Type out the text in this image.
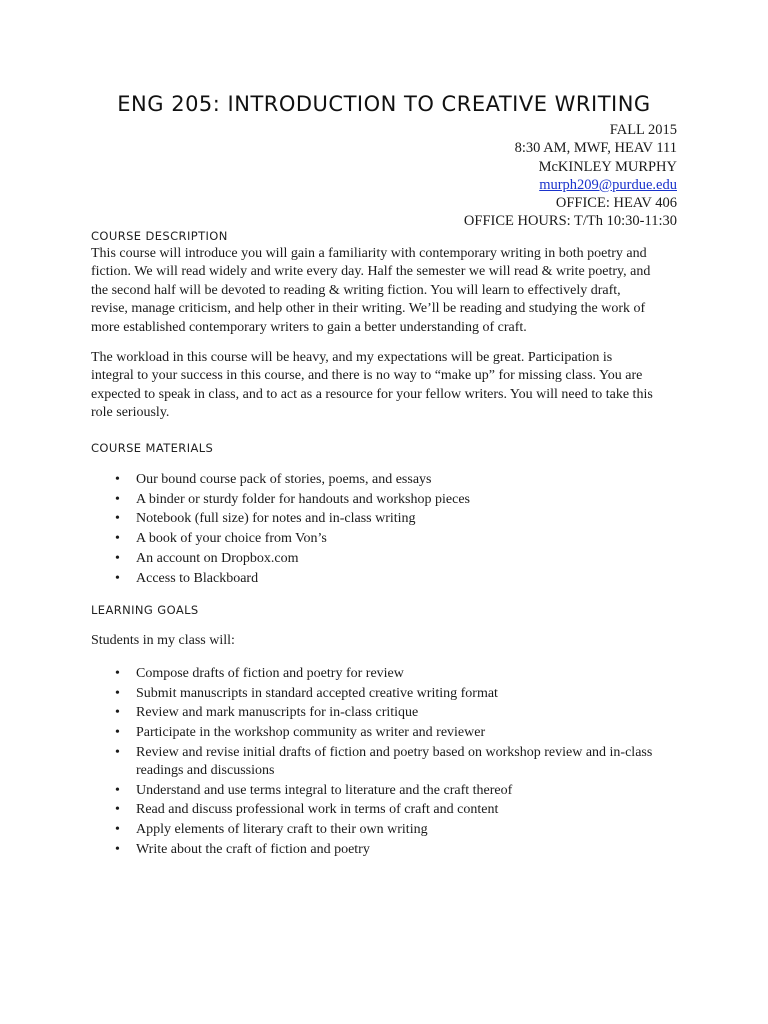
ENG 205: INTRODUCTION TO CREATIVE WRITING
FALL 2015
8:30 AM, MWF, HEAV 111
McKINLEY MURPHY
murph209@purdue.edu
OFFICE: HEAV 406
OFFICE HOURS: T/Th 10:30-11:30
COURSE DESCRIPTION
This course will introduce you will gain a familiarity with contemporary writing in both poetry and
fiction. We will read widely and write every day. Half the semester we will read & write poetry, and
the second half will be devoted to reading & writing fiction. You will learn to effectively draft,
revise, manage criticism, and help other in their writing. We’ll be reading and studying the work of
more established contemporary writers to gain a better understanding of craft.
The workload in this course will be heavy, and my expectations will be great. Participation is
integral to your success in this course, and there is no way to “make up” for missing class. You are
expected to speak in class, and to act as a resource for your fellow writers. You will need to take this
role seriously.
COURSE MATERIALS
• Our bound course pack of stories, poems, and essays
• A binder or sturdy folder for handouts and workshop pieces
• Notebook (full size) for notes and in-class writing
• A book of your choice from Von’s
• An account on Dropbox.com
• Access to Blackboard
LEARNING GOALS
Students in my class will:
• Compose drafts of fiction and poetry for review
• Submit manuscripts in standard accepted creative writing format
• Review and mark manuscripts for in-class critique
• Participate in the workshop community as writer and reviewer
• Review and revise initial drafts of fiction and poetry based on workshop review and in-class readings and discussions
• Understand and use terms integral to literature and the craft thereof
• Read and discuss professional work in terms of craft and content
• Apply elements of literary craft to their own writing
• Write about the craft of fiction and poetry
